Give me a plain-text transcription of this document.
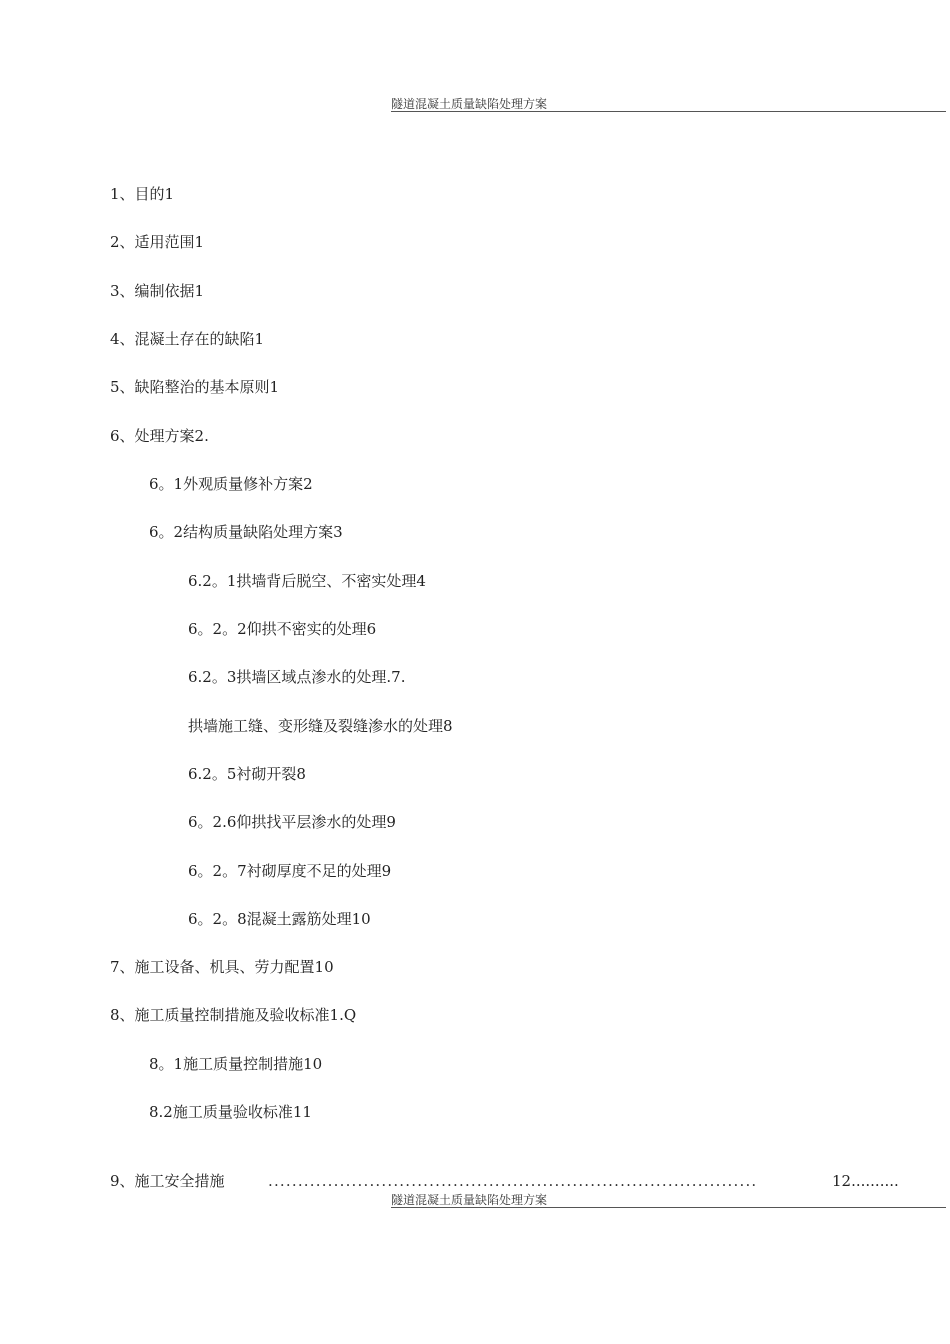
隧道混凝土质量缺陷处理方案
1、目的1
2、适用范围1
3、编制依据1
4、混凝土存在的缺陷1
5、缺陷整治的基本原则1
6、处理方案2.
6。1外观质量修补方案2
6。2结构质量缺陷处理方案3
6.2。1拱墙背后脱空、不密实处理4
6。2。2仰拱不密实的处理6
6.2。3拱墙区域点渗水的处理.7.
拱墙施工缝、变形缝及裂缝渗水的处理8
6.2。5衬砌开裂8
6。2.6仰拱找平层渗水的处理9
6。2。7衬砌厚度不足的处理9
6。2。8混凝土露筋处理10
7、施工设备、机具、劳力配置10
8、施工质量控制措施及验收标准1.Q
8。1施工质量控制措施10
8.2施工质量验收标准11
9、施工安全措施	..................................................................................	12..........
隧道混凝土质量缺陷处理方案
